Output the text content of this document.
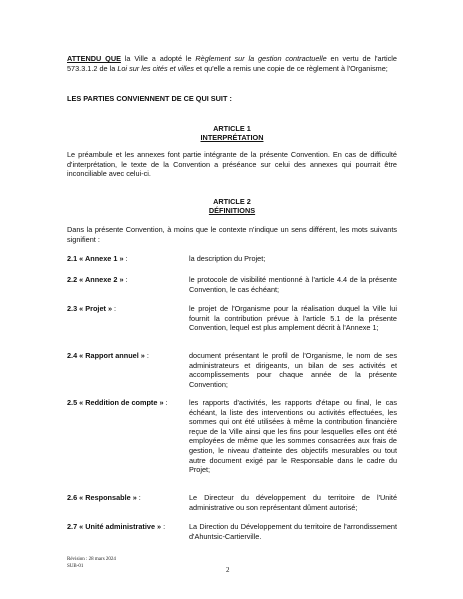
ATTENDU QUE la Ville a adopté le Règlement sur la gestion contractuelle en vertu de l'article 573.3.1.2 de la Loi sur les cités et villes et qu'elle a remis une copie de ce règlement à l'Organisme;

LES PARTIES CONVIENNENT DE CE QUI SUIT :

ARTICLE 1
INTERPRÉTATION

Le préambule et les annexes font partie intégrante de la présente Convention. En cas de difficulté d'interprétation, le texte de la Convention a préséance sur celui des annexes qui pourrait être inconciliable avec celui-ci.

ARTICLE 2
DÉFINITIONS

Dans la présente Convention, à moins que le contexte n'indique un sens différent, les mots suivants signifient :

2.1 « Annexe 1 » :	la description du Projet;
2.2 « Annexe 2 » :	le protocole de visibilité mentionné à l'article 4.4 de la présente Convention, le cas échéant;
2.3 « Projet » :	le projet de l'Organisme pour la réalisation duquel la Ville lui fournit la contribution prévue à l'article 5.1 de la présente Convention, lequel est plus amplement décrit à l'Annexe 1;
2.4 « Rapport annuel » :	document présentant le profil de l'Organisme, le nom de ses administrateurs et dirigeants, un bilan de ses activités et accomplissements pour chaque année de la présente Convention;
2.5 « Reddition de compte » :	les rapports d'activités, les rapports d'étape ou final, le cas échéant, la liste des interventions ou activités effectuées, les sommes qui ont été utilisées à même la contribution financière reçue de la Ville ainsi que les fins pour lesquelles elles ont été employées de même que les sommes consacrées aux frais de gestion, le niveau d'atteinte des objectifs mesurables ou tout autre document exigé par le Responsable dans le cadre du Projet;
2.6 « Responsable » :	Le Directeur du développement du territoire de l'Unité administrative ou son représentant dûment autorisé;
2.7 « Unité administrative » :	La Direction du Développement du territoire de l'arrondissement d'Ahuntsic-Cartierville.
Révision : 28 mars 2024
SUB-01	2
